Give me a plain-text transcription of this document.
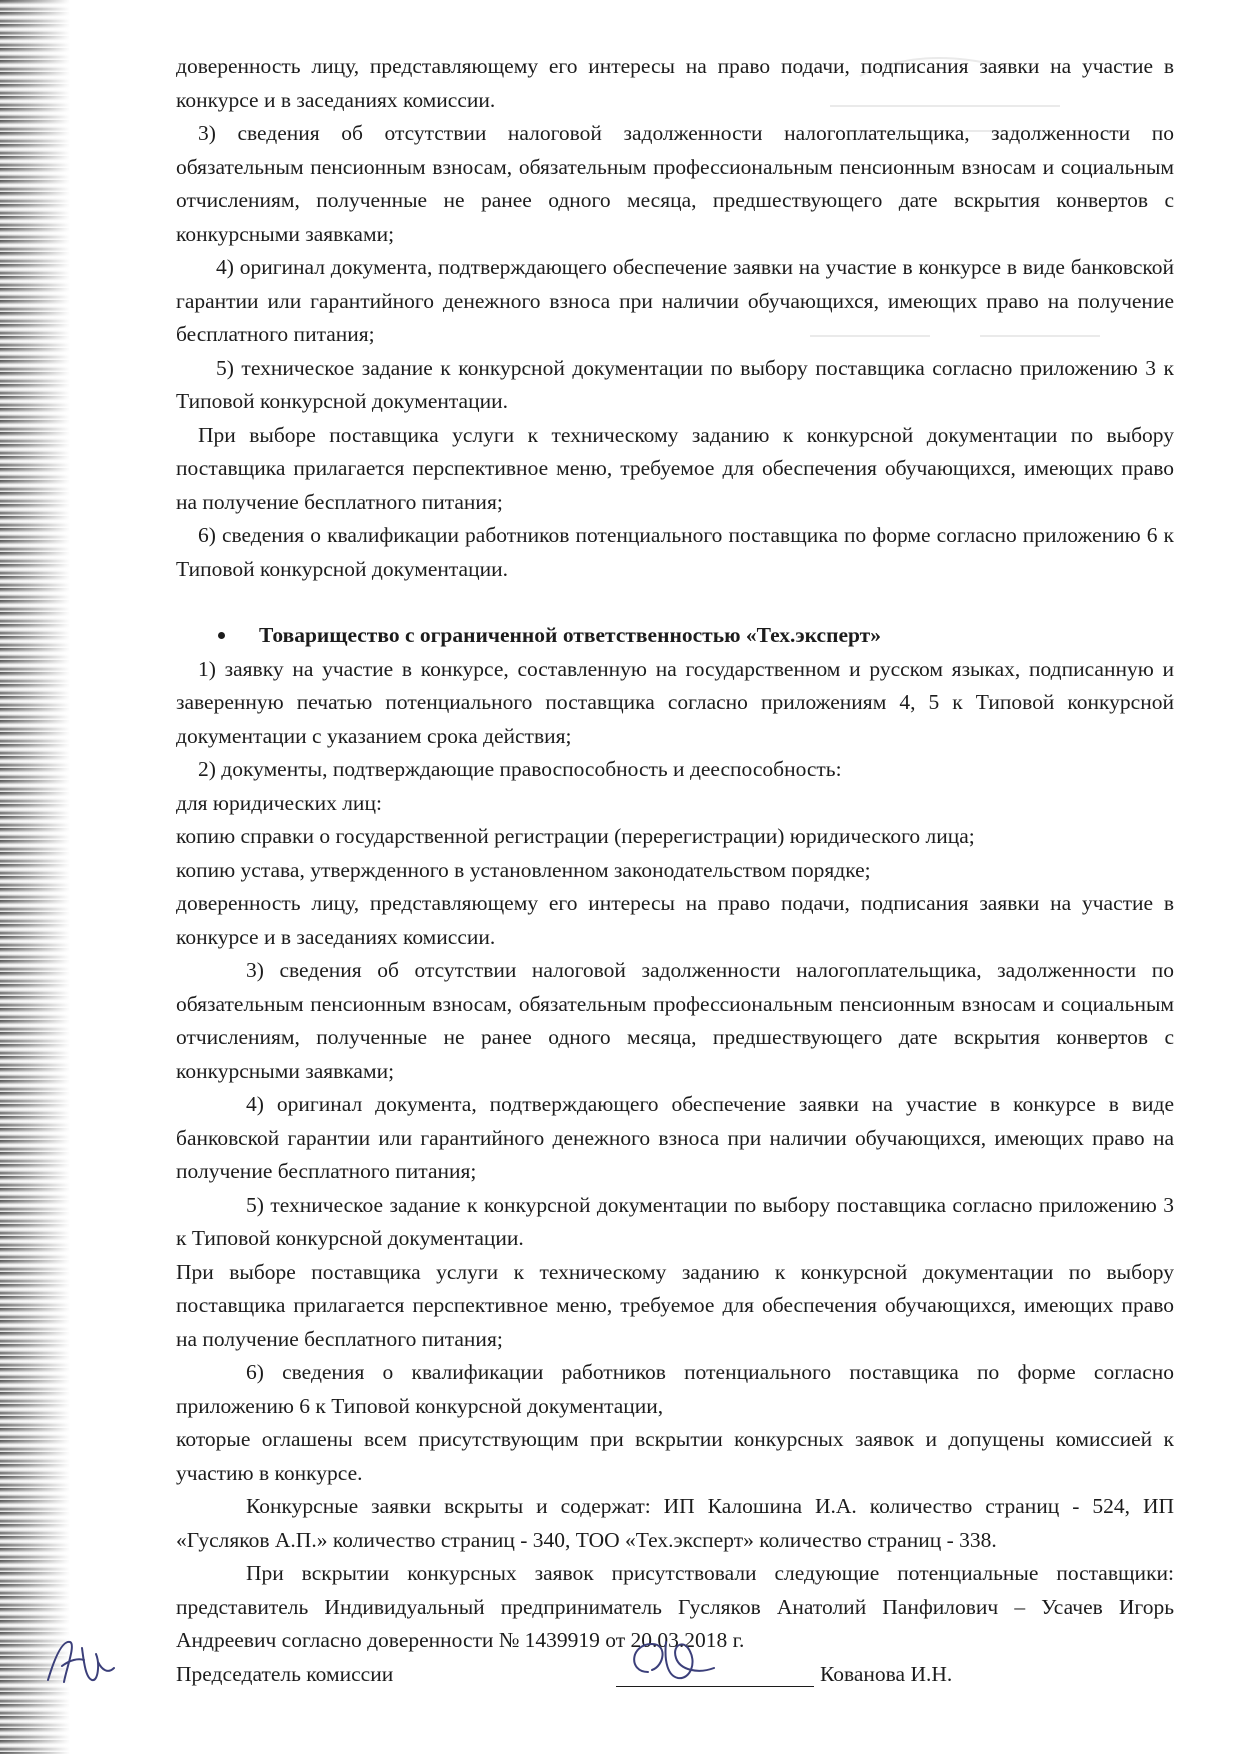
доверенность лицу, представляющему его интересы на право подачи, подписания заявки на участие в конкурсе и в заседаниях комиссии.

3) сведения об отсутствии налоговой задолженности налогоплательщика, задолженности по обязательным пенсионным взносам, обязательным профессиональным пенсионным взносам и социальным отчислениям, полученные не ранее одного месяца, предшествующего дате вскрытия конвертов с конкурсными заявками;

4) оригинал документа, подтверждающего обеспечение заявки на участие в конкурсе в виде банковской гарантии или гарантийного денежного взноса при наличии обучающихся, имеющих право на получение бесплатного питания;

5) техническое задание к конкурсной документации по выбору поставщика согласно приложению 3 к Типовой конкурсной документации.

При выборе поставщика услуги к техническому заданию к конкурсной документации по выбору поставщика прилагается перспективное меню, требуемое для обеспечения обучающихся, имеющих право на получение бесплатного питания;

6) сведения о квалификации работников потенциального поставщика по форме согласно приложению 6 к Типовой конкурсной документации.

Товарищество с ограниченной ответственностью «Тех.эксперт»

1) заявку на участие в конкурсе, составленную на государственном и русском языках, подписанную и заверенную печатью потенциального поставщика согласно приложениям 4, 5 к Типовой конкурсной документации с указанием срока действия;

2) документы, подтверждающие правоспособность и дееспособность:

для юридических лиц:

копию справки о государственной регистрации (перерегистрации) юридического лица;

копию устава, утвержденного в установленном законодательством порядке;

доверенность лицу, представляющему его интересы на право подачи, подписания заявки на участие в конкурсе и в заседаниях комиссии.

3) сведения об отсутствии налоговой задолженности налогоплательщика, задолженности по обязательным пенсионным взносам, обязательным профессиональным пенсионным взносам и социальным отчислениям, полученные не ранее одного месяца, предшествующего дате вскрытия конвертов с конкурсными заявками;

4) оригинал документа, подтверждающего обеспечение заявки на участие в конкурсе в виде банковской гарантии или гарантийного денежного взноса при наличии обучающихся, имеющих право на получение бесплатного питания;

5) техническое задание к конкурсной документации по выбору поставщика согласно приложению 3 к Типовой конкурсной документации.

При выборе поставщика услуги к техническому заданию к конкурсной документации по выбору поставщика прилагается перспективное меню, требуемое для обеспечения обучающихся, имеющих право на получение бесплатного питания;

6) сведения о квалификации работников потенциального поставщика по форме согласно приложению 6 к Типовой конкурсной документации,

которые оглашены всем присутствующим при вскрытии конкурсных заявок и допущены комиссией к участию в конкурсе.

Конкурсные заявки вскрыты и содержат: ИП Калошина И.А. количество страниц - 524, ИП «Гусляков А.П.» количество страниц - 340, ТОО «Тех.эксперт» количество страниц - 338.

При вскрытии конкурсных заявок присутствовали следующие потенциальные поставщики: представитель Индивидуальный предприниматель Гусляков Анатолий Панфилович – Усачев Игорь Андреевич согласно доверенности № 1439919 от 20.03.2018 г.

Председатель комиссии	Кованова И.Н.
